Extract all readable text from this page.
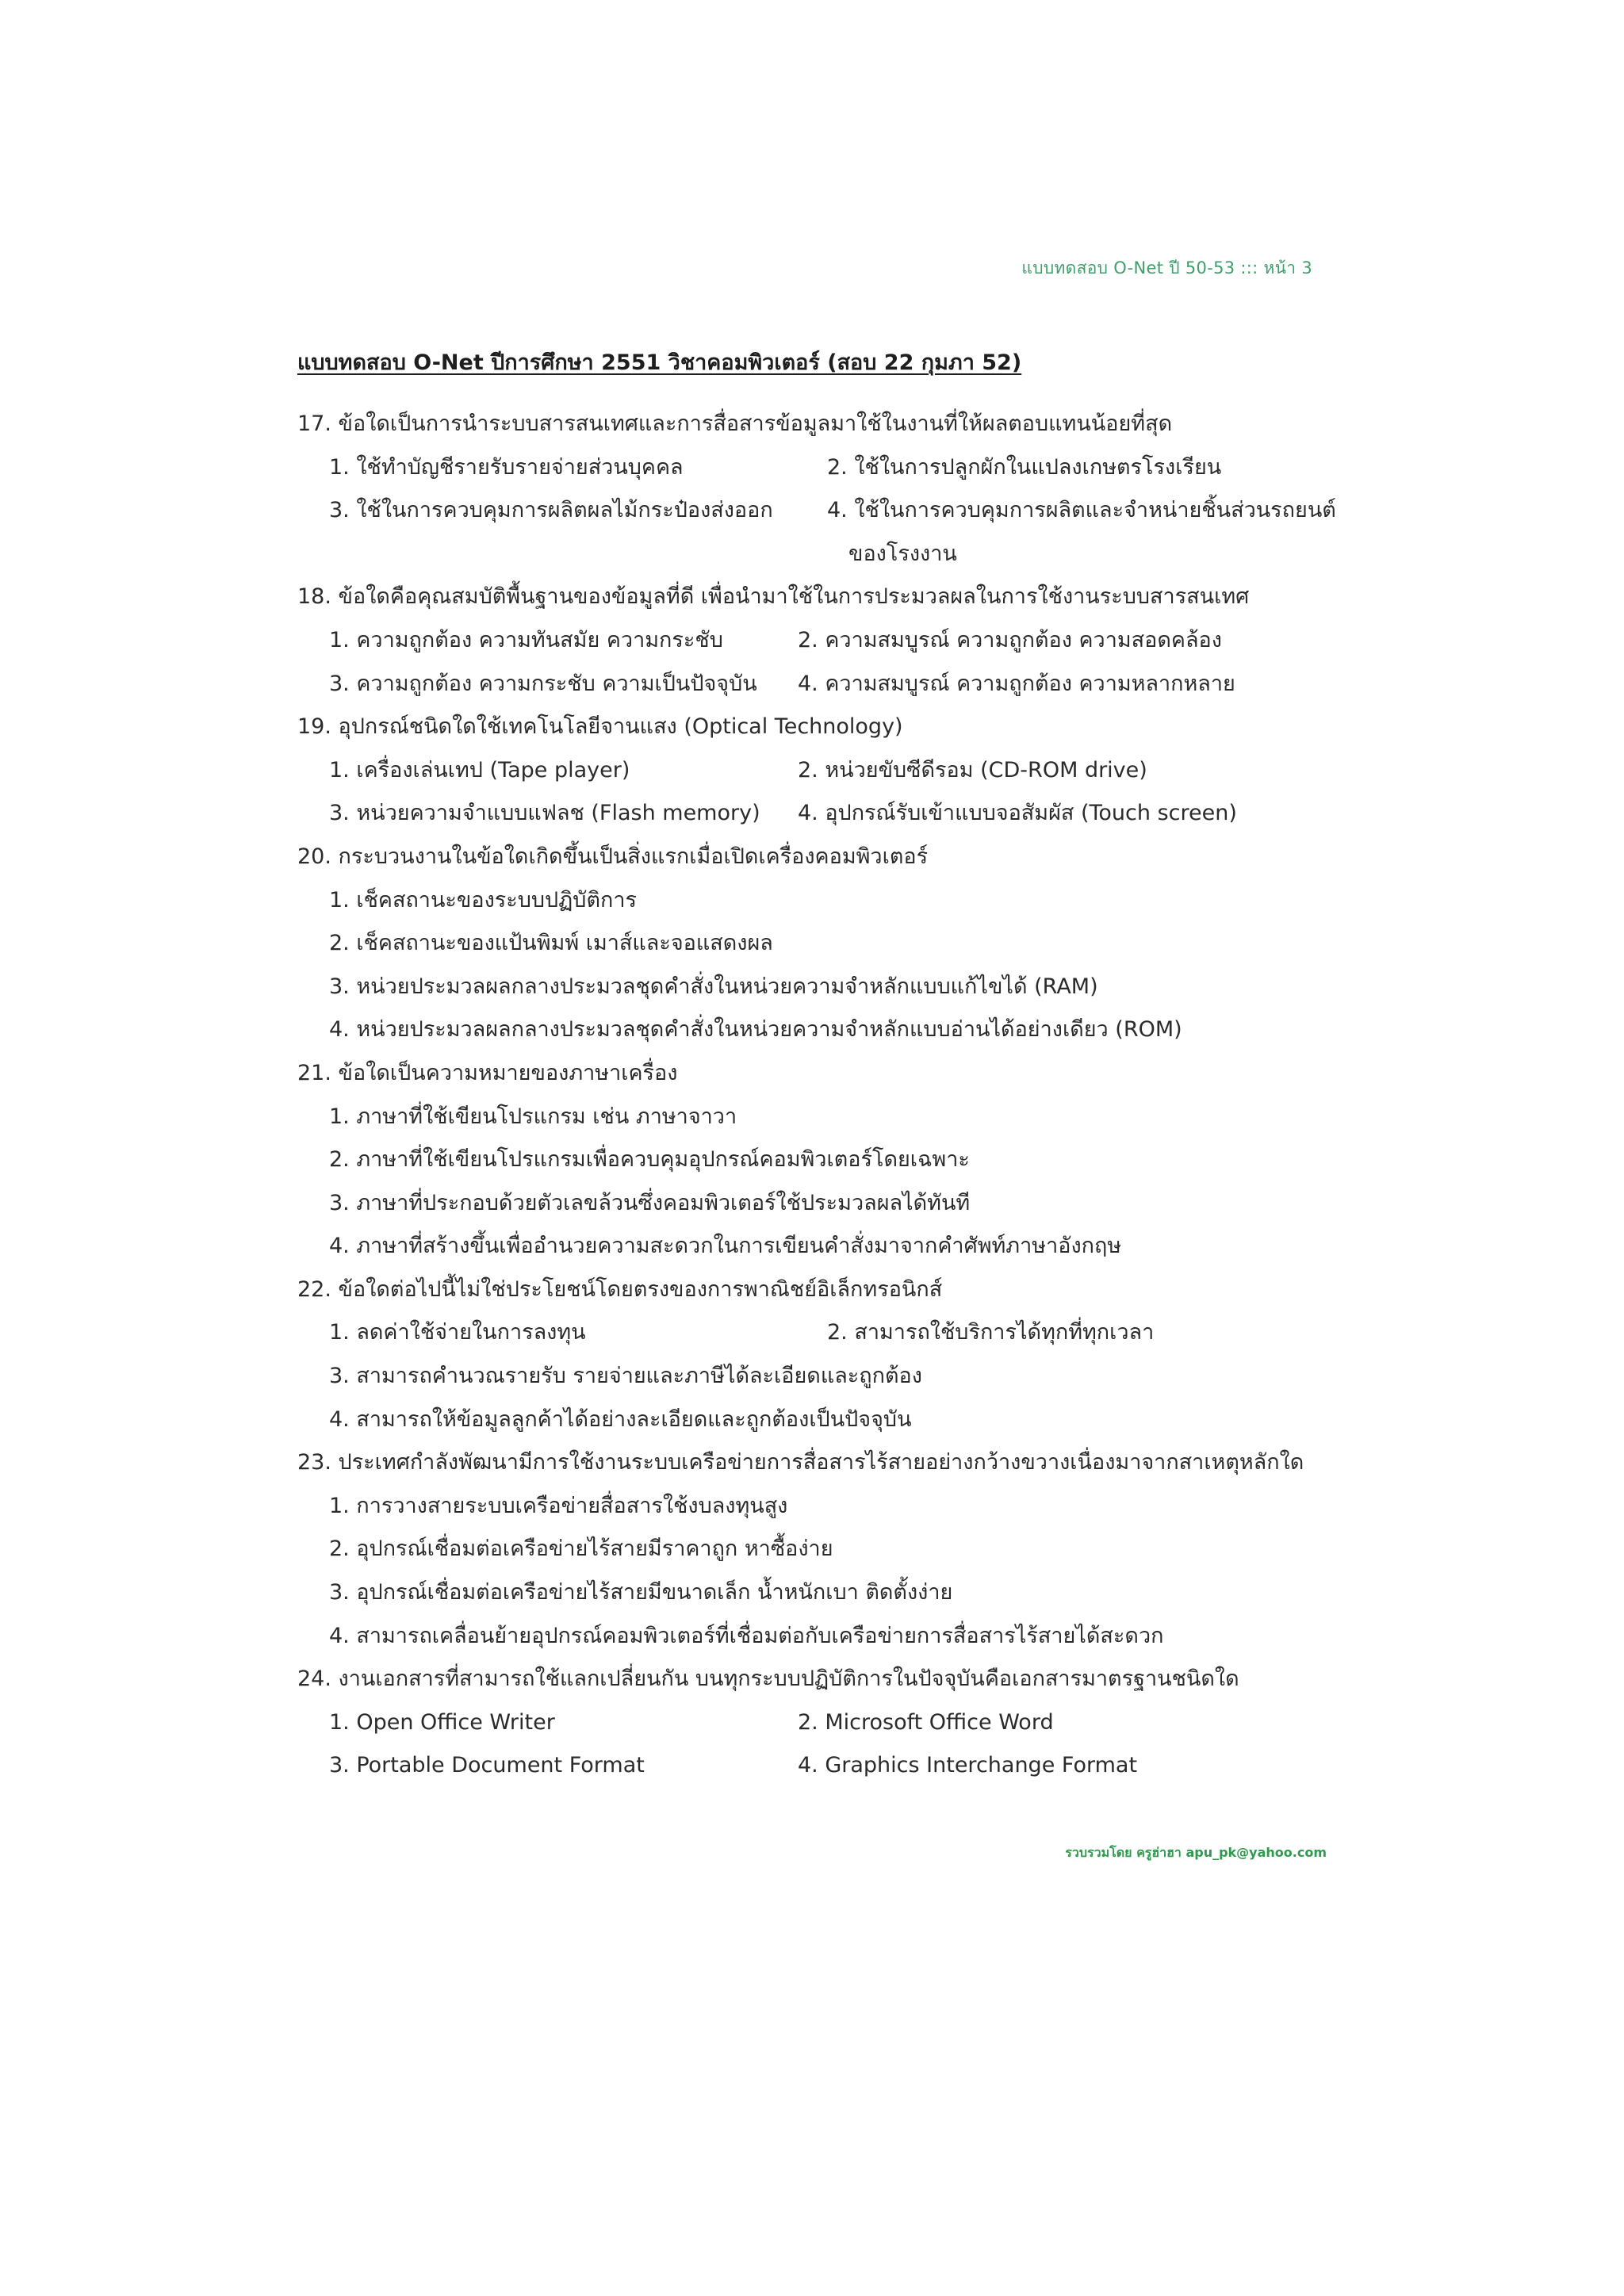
แบบทดสอบ O-Net ปี 50-53 ::: หน้า 3
แบบทดสอบ O-Net ปีการศึกษา 2551 วิชาคอมพิวเตอร์ (สอบ 22 กุมภา 52)
17. ข้อใดเป็นการนำระบบสารสนเทศและการสื่อสารข้อมูลมาใช้ในงานที่ให้ผลตอบแทนน้อยที่สุด
1. ใช้ทำบัญชีรายรับรายจ่ายส่วนบุคคล	2. ใช้ในการปลูกผักในแปลงเกษตรโรงเรียน
3. ใช้ในการควบคุมการผลิตผลไม้กระป๋องส่งออก	4. ใช้ในการควบคุมการผลิตและจำหน่ายชิ้นส่วนรถยนต์
ของโรงงาน
18. ข้อใดคือคุณสมบัติพื้นฐานของข้อมูลที่ดี เพื่อนำมาใช้ในการประมวลผลในการใช้งานระบบสารสนเทศ
1. ความถูกต้อง ความทันสมัย ความกระชับ	2. ความสมบูรณ์ ความถูกต้อง ความสอดคล้อง
3. ความถูกต้อง ความกระชับ ความเป็นปัจจุบัน 4. ความสมบูรณ์ ความถูกต้อง ความหลากหลาย
19. อุปกรณ์ชนิดใดใช้เทคโนโลยีจานแสง (Optical Technology)
1. เครื่องเล่นเทป (Tape player)	2. หน่วยขับซีดีรอม (CD-ROM drive)
3. หน่วยความจำแบบแฟลช (Flash memory) 4. อุปกรณ์รับเข้าแบบจอสัมผัส (Touch screen)
20. กระบวนงานในข้อใดเกิดขึ้นเป็นสิ่งแรกเมื่อเปิดเครื่องคอมพิวเตอร์
1. เช็คสถานะของระบบปฏิบัติการ
2. เช็คสถานะของแป้นพิมพ์ เมาส์และจอแสดงผล
3. หน่วยประมวลผลกลางประมวลชุดคำสั่งในหน่วยความจำหลักแบบแก้ไขได้ (RAM)
4. หน่วยประมวลผลกลางประมวลชุดคำสั่งในหน่วยความจำหลักแบบอ่านได้อย่างเดียว (ROM)
21. ข้อใดเป็นความหมายของภาษาเครื่อง
1. ภาษาที่ใช้เขียนโปรแกรม เช่น ภาษาจาวา
2. ภาษาที่ใช้เขียนโปรแกรมเพื่อควบคุมอุปกรณ์คอมพิวเตอร์โดยเฉพาะ
3. ภาษาที่ประกอบด้วยตัวเลขล้วนซึ่งคอมพิวเตอร์ใช้ประมวลผลได้ทันที
4. ภาษาที่สร้างขึ้นเพื่ออำนวยความสะดวกในการเขียนคำสั่งมาจากคำศัพท์ภาษาอังกฤษ
22. ข้อใดต่อไปนี้ไม่ใช่ประโยชน์โดยตรงของการพาณิชย์อิเล็กทรอนิกส์
1. ลดค่าใช้จ่ายในการลงทุน	2. สามารถใช้บริการได้ทุกที่ทุกเวลา
3. สามารถคำนวณรายรับ รายจ่ายและภาษีได้ละเอียดและถูกต้อง
4. สามารถให้ข้อมูลลูกค้าได้อย่างละเอียดและถูกต้องเป็นปัจจุบัน
23. ประเทศกำลังพัฒนามีการใช้งานระบบเครือข่ายการสื่อสารไร้สายอย่างกว้างขวางเนื่องมาจากสาเหตุหลักใด
1. การวางสายระบบเครือข่ายสื่อสารใช้งบลงทุนสูง
2. อุปกรณ์เชื่อมต่อเครือข่ายไร้สายมีราคาถูก หาซื้อง่าย
3. อุปกรณ์เชื่อมต่อเครือข่ายไร้สายมีขนาดเล็ก น้ำหนักเบา ติดตั้งง่าย
4. สามารถเคลื่อนย้ายอุปกรณ์คอมพิวเตอร์ที่เชื่อมต่อกับเครือข่ายการสื่อสารไร้สายได้สะดวก
24. งานเอกสารที่สามารถใช้แลกเปลี่ยนกัน บนทุกระบบปฏิบัติการในปัจจุบันคือเอกสารมาตรฐานชนิดใด
1. Open Office Writer	2. Microsoft Office Word
3. Portable Document Format	4. Graphics Interchange Format
รวบรวมโดย ครูฮ่าฮา apu_pk@yahoo.com
